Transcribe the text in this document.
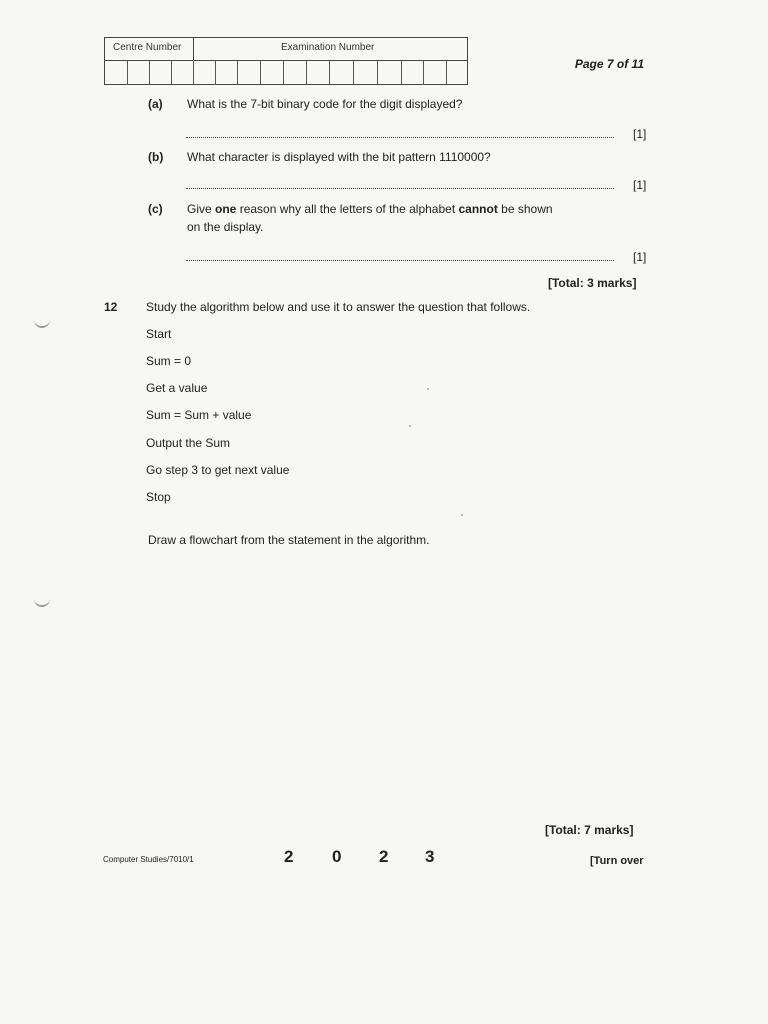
Centre Number	Examination Number
Page 7 of 11
(a) What is the 7-bit binary code for the digit displayed?
[1]
(b) What character is displayed with the bit pattern 1110000?
[1]
(c) Give one reason why all the letters of the alphabet cannot be shown
on the display.
[1]
[Total: 3 marks]
12 Study the algorithm below and use it to answer the question that follows.
Start
Sum = 0
Get a value
Sum = Sum + value
Output the Sum
Go step 3 to get next value
Stop
Draw a flowchart from the statement in the algorithm.
[Total: 7 marks]
Computer Studies/7010/1	2 0 2 3	[Turn over
